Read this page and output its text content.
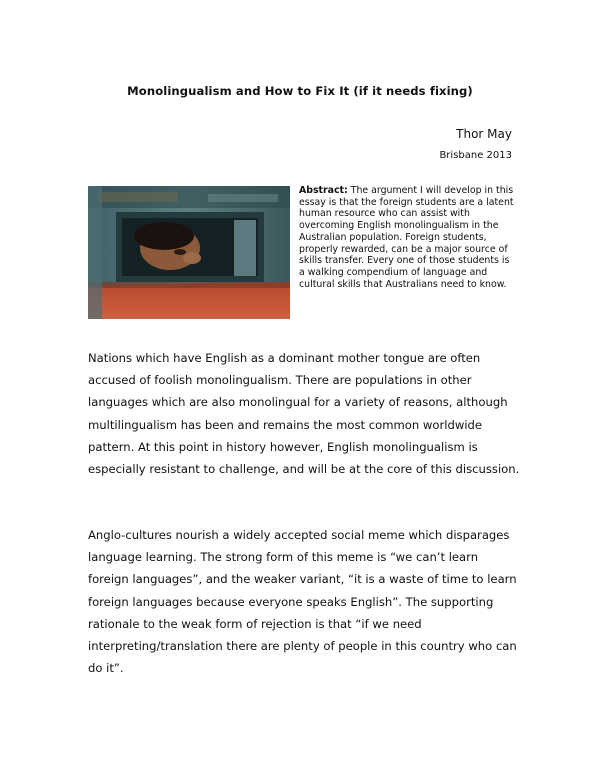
Monolingualism and How to Fix It (if it needs fixing)
Thor May
Brisbane 2013
Abstract: The argument I will develop in this essay is that the foreign students are a latent human resource who can assist with overcoming English monolingualism in the Australian population. Foreign students, properly rewarded, can be a major source of skills transfer. Every one of those students is a walking compendium of language and cultural skills that Australians need to know.
Nations which have English as a dominant mother tongue are often accused of foolish monolingualism. There are populations in other languages which are also monolingual for a variety of reasons, although multilingualism has been and remains the most common worldwide pattern. At this point in history however, English monolingualism is especially resistant to challenge, and will be at the core of this discussion.
Anglo-cultures nourish a widely accepted social meme which disparages language learning. The strong form of this meme is “we can’t learn foreign languages”, and the weaker variant, “it is a waste of time to learn foreign languages because everyone speaks English”. The supporting rationale to the weak form of rejection is that “if we need interpreting/translation there are plenty of people in this country who can do it”.
